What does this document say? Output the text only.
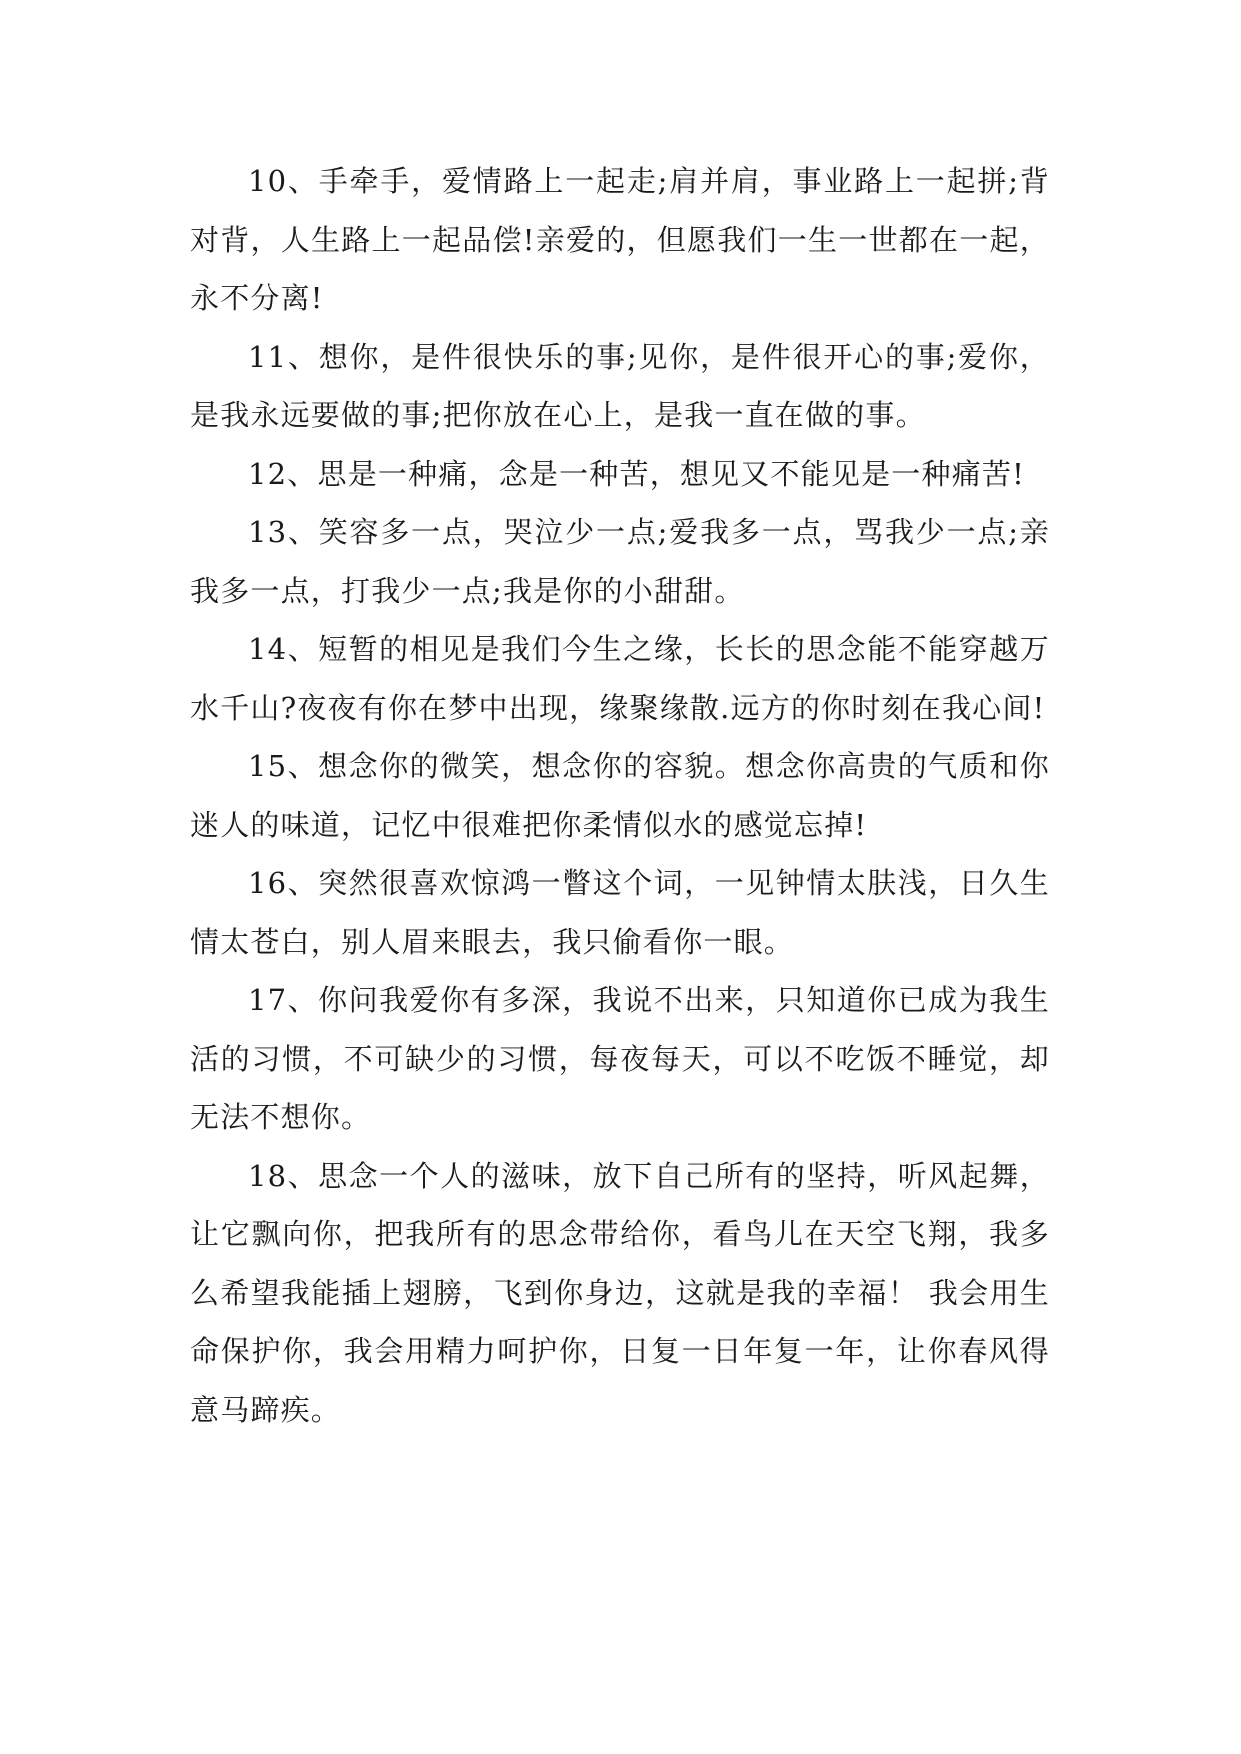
10、手牵手，爱情路上一起走;肩并肩，事业路上一起拼;背对背，人生路上一起品偿!亲爱的，但愿我们一生一世都在一起，永不分离!

11、想你，是件很快乐的事;见你，是件很开心的事;爱你，是我永远要做的事;把你放在心上，是我一直在做的事。

12、思是一种痛，念是一种苦，想见又不能见是一种痛苦!

13、笑容多一点，哭泣少一点;爱我多一点，骂我少一点;亲我多一点，打我少一点;我是你的小甜甜。

14、短暂的相见是我们今生之缘，长长的思念能不能穿越万水千山?夜夜有你在梦中出现，缘聚缘散.远方的你时刻在我心间!

15、想念你的微笑，想念你的容貌。想念你高贵的气质和你迷人的味道，记忆中很难把你柔情似水的感觉忘掉!

16、突然很喜欢惊鸿一瞥这个词，一见钟情太肤浅，日久生情太苍白，别人眉来眼去，我只偷看你一眼。

17、你问我爱你有多深，我说不出来，只知道你已成为我生活的习惯，不可缺少的习惯，每夜每天，可以不吃饭不睡觉，却无法不想你。

18、思念一个人的滋味，放下自己所有的坚持，听风起舞，让它飘向你，把我所有的思念带给你，看鸟儿在天空飞翔，我多么希望我能插上翅膀，飞到你身边，这就是我的幸福！ 我会用生命保护你，我会用精力呵护你，日复一日年复一年，让你春风得意马蹄疾。
